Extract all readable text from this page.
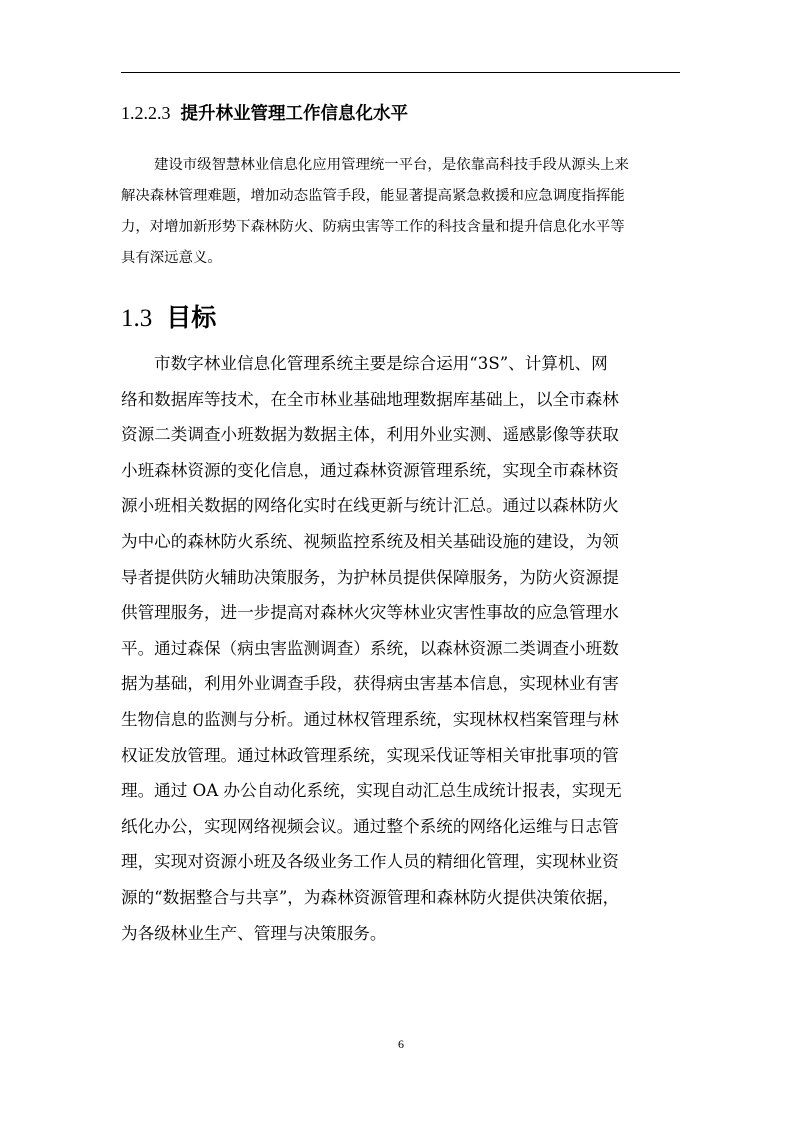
1.2.2.3 提升林业管理工作信息化水平
建设市级智慧林业信息化应用管理统一平台，是依靠高科技手段从源头上来
解决森林管理难题，增加动态监管手段，能显著提高紧急救援和应急调度指挥能
力，对增加新形势下森林防火、防病虫害等工作的科技含量和提升信息化水平等
具有深远意义。
1.3 目标
市数字林业信息化管理系统主要是综合运用“3S”、计算机、网
络和数据库等技术，在全市林业基础地理数据库基础上，以全市森林
资源二类调查小班数据为数据主体，利用外业实测、遥感影像等获取
小班森林资源的变化信息，通过森林资源管理系统，实现全市森林资
源小班相关数据的网络化实时在线更新与统计汇总。通过以森林防火
为中心的森林防火系统、视频监控系统及相关基础设施的建设，为领
导者提供防火辅助决策服务，为护林员提供保障服务，为防火资源提
供管理服务，进一步提高对森林火灾等林业灾害性事故的应急管理水
平。通过森保（病虫害监测调查）系统，以森林资源二类调查小班数
据为基础，利用外业调查手段，获得病虫害基本信息，实现林业有害
生物信息的监测与分析。通过林权管理系统，实现林权档案管理与林
权证发放管理。通过林政管理系统，实现采伐证等相关审批事项的管
理。通过 OA 办公自动化系统，实现自动汇总生成统计报表，实现无
纸化办公，实现网络视频会议。通过整个系统的网络化运维与日志管
理，实现对资源小班及各级业务工作人员的精细化管理，实现林业资
源的“数据整合与共享”，为森林资源管理和森林防火提供决策依据，
为各级林业生产、管理与决策服务。
6
